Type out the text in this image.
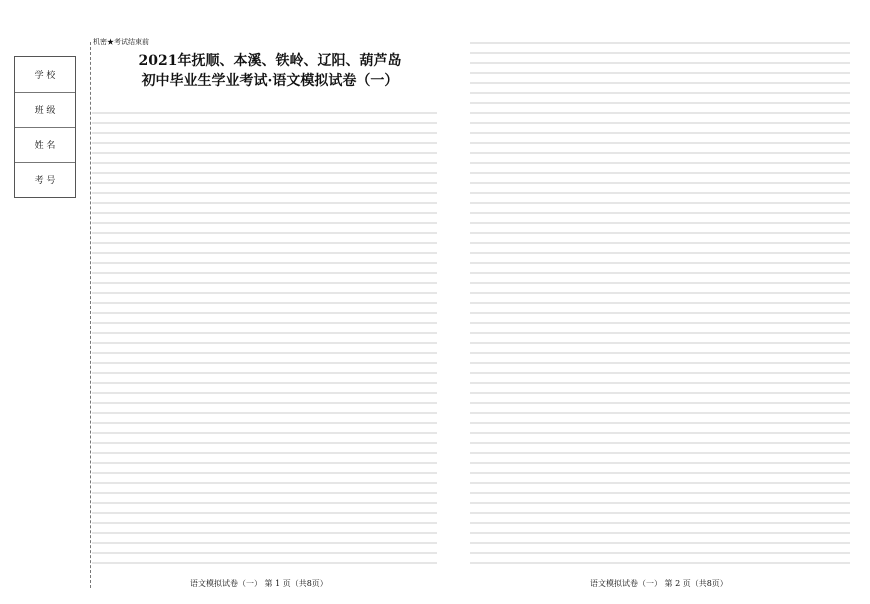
机密★考试结束前
学 校
班 级
姓 名
考 号
2021年抚顺、本溪、铁岭、辽阳、葫芦岛
初中毕业生学业考试·语文模拟试卷（一）
语文模拟试卷（一） 第 1 页（共8页）	语文模拟试卷（一） 第 2 页（共8页）
